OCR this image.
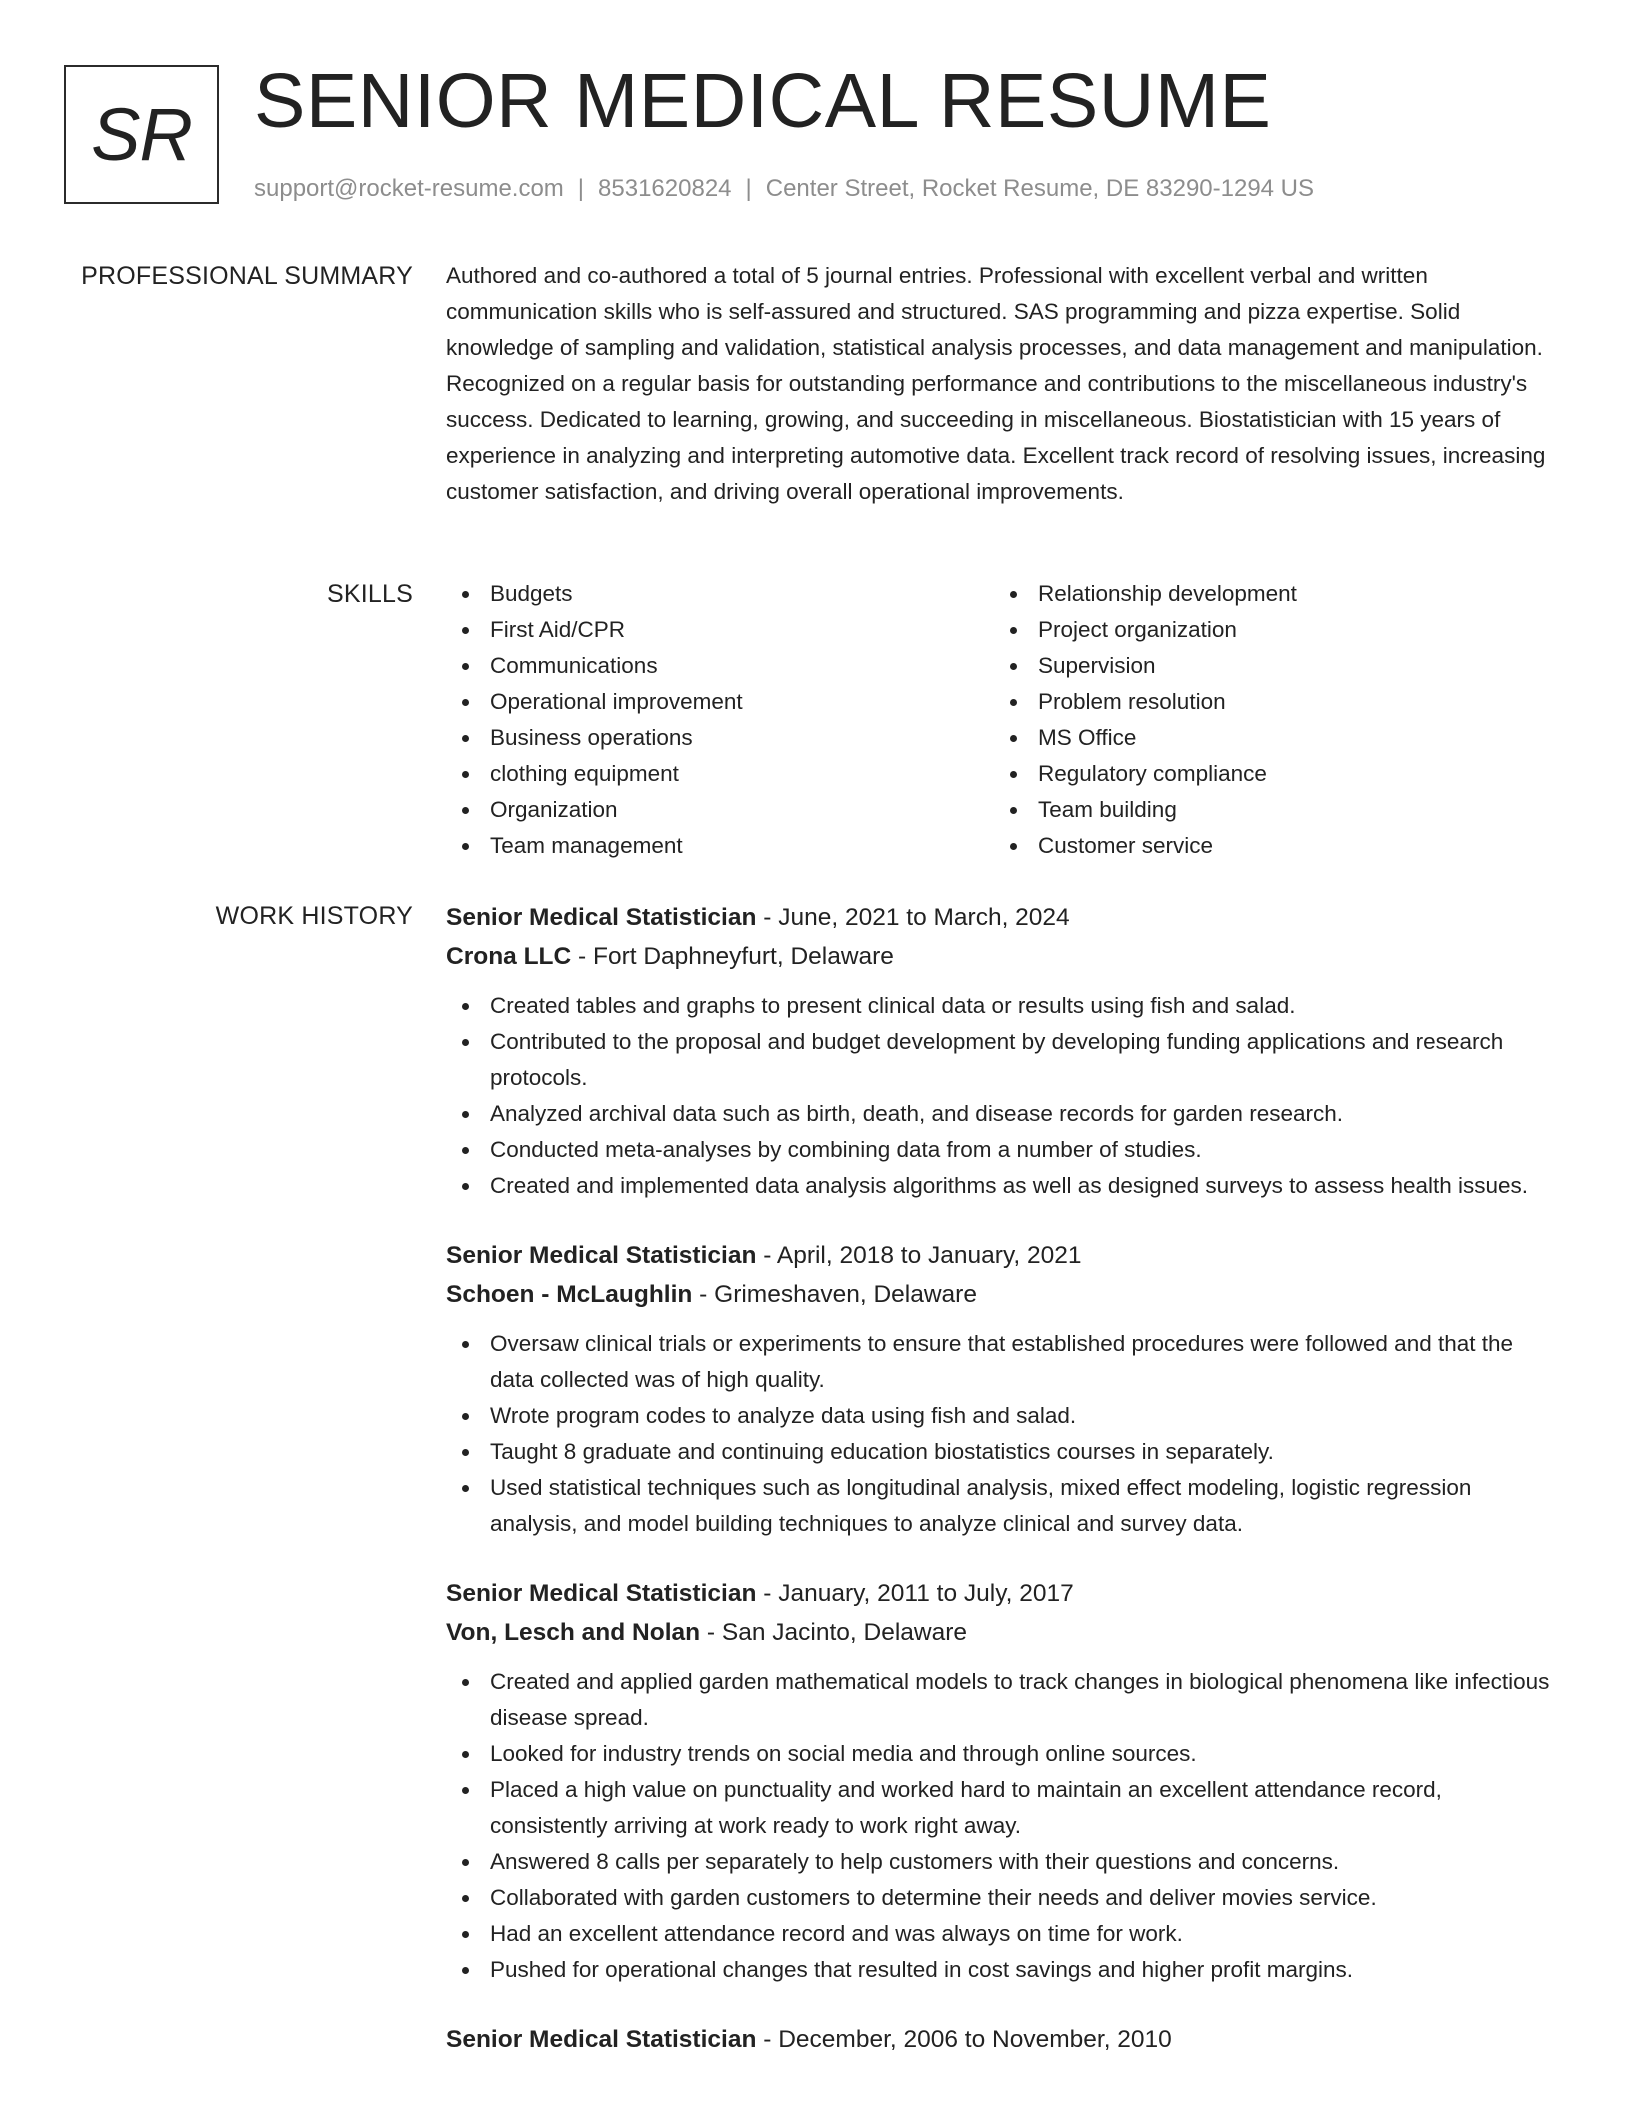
SR SENIOR MEDICAL RESUME
support@rocket-resume.com | 8531620824 | Center Street, Rocket Resume, DE 83290-1294 US
PROFESSIONAL SUMMARY Authored and co-authored a total of 5 journal entries. Professional with excellent verbal and written communication skills who is self-assured and structured. SAS programming and pizza expertise. Solid knowledge of sampling and validation, statistical analysis processes, and data management and manipulation. Recognized on a regular basis for outstanding performance and contributions to the miscellaneous industry's success. Dedicated to learning, growing, and succeeding in miscellaneous. Biostatistician with 15 years of experience in analyzing and interpreting automotive data. Excellent track record of resolving issues, increasing customer satisfaction, and driving overall operational improvements.

SKILLS	Budgets
First Aid/CPR
Communications
Operational improvement
Business operations
clothing equipment
Organization
Team management
Relationship development
Project organization
Supervision
Problem resolution
MS Office
Regulatory compliance
Team building
Customer service
WORK HISTORY Senior Medical Statistician - June, 2021 to March, 2024
Crona LLC - Fort Daphneyfurt, Delaware
Created tables and graphs to present clinical data or results using fish and salad.
Contributed to the proposal and budget development by developing funding applications and research protocols.
Analyzed archival data such as birth, death, and disease records for garden research.
Conducted meta-analyses by combining data from a number of studies.
Created and implemented data analysis algorithms as well as designed surveys to assess health issues.
Senior Medical Statistician - April, 2018 to January, 2021
Schoen - McLaughlin - Grimeshaven, Delaware
Oversaw clinical trials or experiments to ensure that established procedures were followed and that the data collected was of high quality.
Wrote program codes to analyze data using fish and salad.
Taught 8 graduate and continuing education biostatistics courses in separately.
Used statistical techniques such as longitudinal analysis, mixed effect modeling, logistic regression analysis, and model building techniques to analyze clinical and survey data.
Senior Medical Statistician - January, 2011 to July, 2017
Von, Lesch and Nolan - San Jacinto, Delaware
Created and applied garden mathematical models to track changes in biological phenomena like infectious disease spread.
Looked for industry trends on social media and through online sources.
Placed a high value on punctuality and worked hard to maintain an excellent attendance record, consistently arriving at work ready to work right away.
Answered 8 calls per separately to help customers with their questions and concerns.
Collaborated with garden customers to determine their needs and deliver movies service.
Had an excellent attendance record and was always on time for work.
Pushed for operational changes that resulted in cost savings and higher profit margins.
Senior Medical Statistician - December, 2006 to November, 2010
